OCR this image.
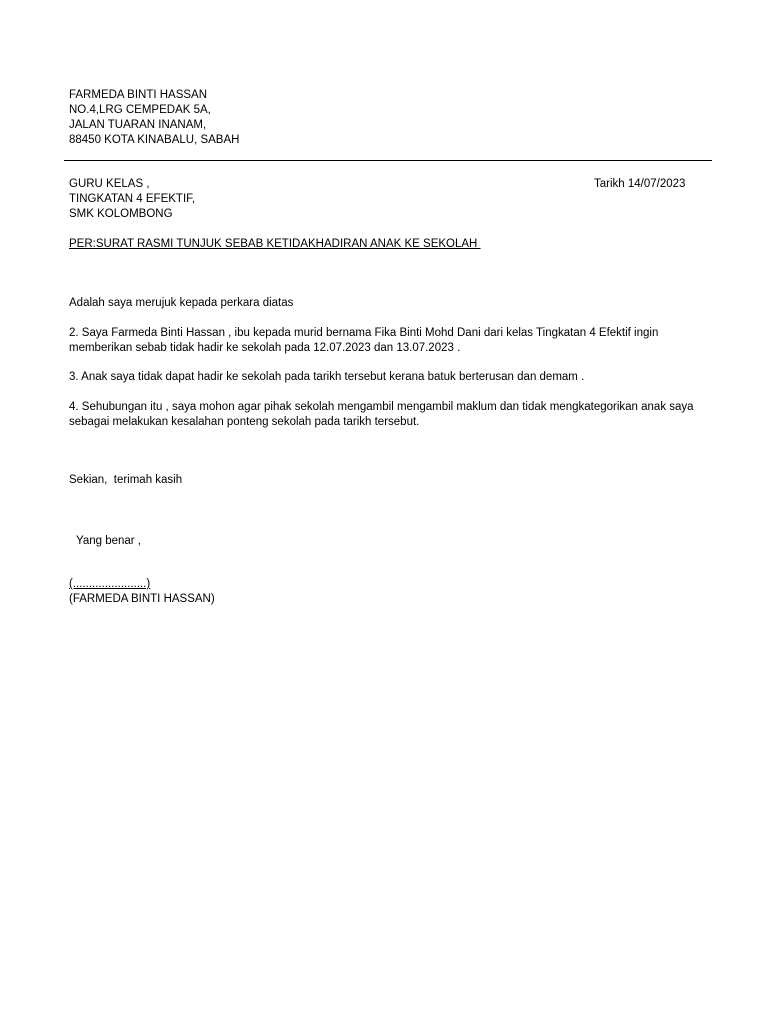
FARMEDA BINTI HASSAN
NO.4,LRG CEMPEDAK 5A,
JALAN TUARAN INANAM,
88450 KOTA KINABALU, SABAH
GURU KELAS ,
TINGKATAN 4 EFEKTIF,
SMK KOLOMBONG
Tarikh 14/07/2023
PER:SURAT RASMI TUNJUK SEBAB KETIDAKHADIRAN ANAK KE SEKOLAH
Adalah saya merujuk kepada perkara diatas
2. Saya Farmeda Binti Hassan , ibu kepada murid bernama Fika Binti Mohd Dani dari kelas Tingkatan 4 Efektif ingin memberikan sebab tidak hadir ke sekolah pada 12.07.2023 dan 13.07.2023 .
3. Anak saya tidak dapat hadir ke sekolah pada tarikh tersebut kerana batuk berterusan dan demam .
4. Sehubungan itu , saya mohon agar pihak sekolah mengambil mengambil maklum dan tidak mengkategorikan anak saya sebagai melakukan kesalahan ponteng sekolah pada tarikh tersebut.
Sekian,  terimah kasih
Yang benar ,
(.......................)
(FARMEDA BINTI HASSAN)
